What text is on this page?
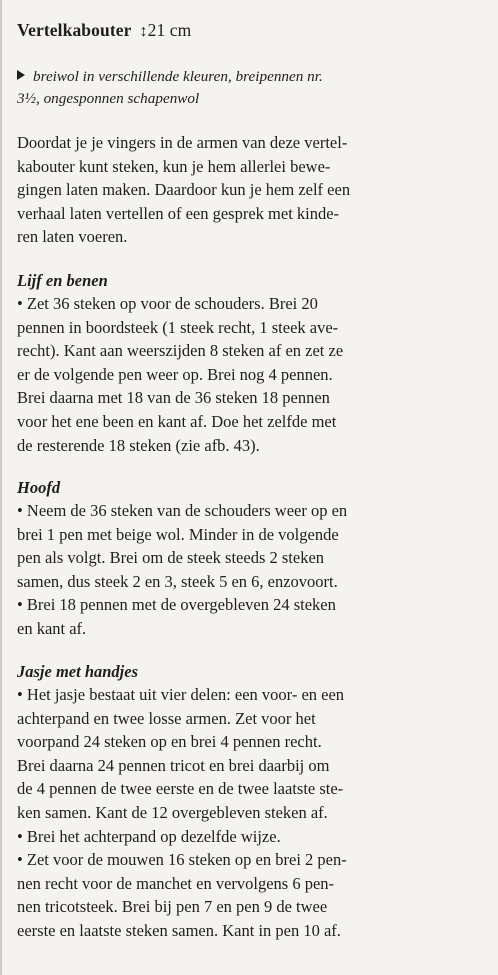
Vertelkabouter ↕21 cm
breiwol in verschillende kleuren, breipennen nr.
3½, ongesponnen schapenwol
Doordat je je vingers in de armen van deze vertel-
kabouter kunt steken, kun je hem allerlei bewe-
gingen laten maken. Daardoor kun je hem zelf een
verhaal laten vertellen of een gesprek met kinde-
ren laten voeren.
Lijf en benen
• Zet 36 steken op voor de schouders. Brei 20
pennen in boordsteek (1 steek recht, 1 steek ave-
recht). Kant aan weerszijden 8 steken af en zet ze
er de volgende pen weer op. Brei nog 4 pennen.
Brei daarna met 18 van de 36 steken 18 pennen
voor het ene been en kant af. Doe het zelfde met
de resterende 18 steken (zie afb. 43).
Hoofd
• Neem de 36 steken van de schouders weer op en
brei 1 pen met beige wol. Minder in de volgende
pen als volgt. Brei om de steek steeds 2 steken
samen, dus steek 2 en 3, steek 5 en 6, enzovoort.
• Brei 18 pennen met de overgebleven 24 steken
en kant af.
Jasje met handjes
• Het jasje bestaat uit vier delen: een voor- en een
achterpand en twee losse armen. Zet voor het
voorpand 24 steken op en brei 4 pennen recht.
Brei daarna 24 pennen tricot en brei daarbij om
de 4 pennen de twee eerste en de twee laatste ste-
ken samen. Kant de 12 overgebleven steken af.
• Brei het achterpand op dezelfde wijze.
• Zet voor de mouwen 16 steken op en brei 2 pen-
nen recht voor de manchet en vervolgens 6 pen-
nen tricotsteek. Brei bij pen 7 en pen 9 de twee
eerste en laatste steken samen. Kant in pen 10 af.
